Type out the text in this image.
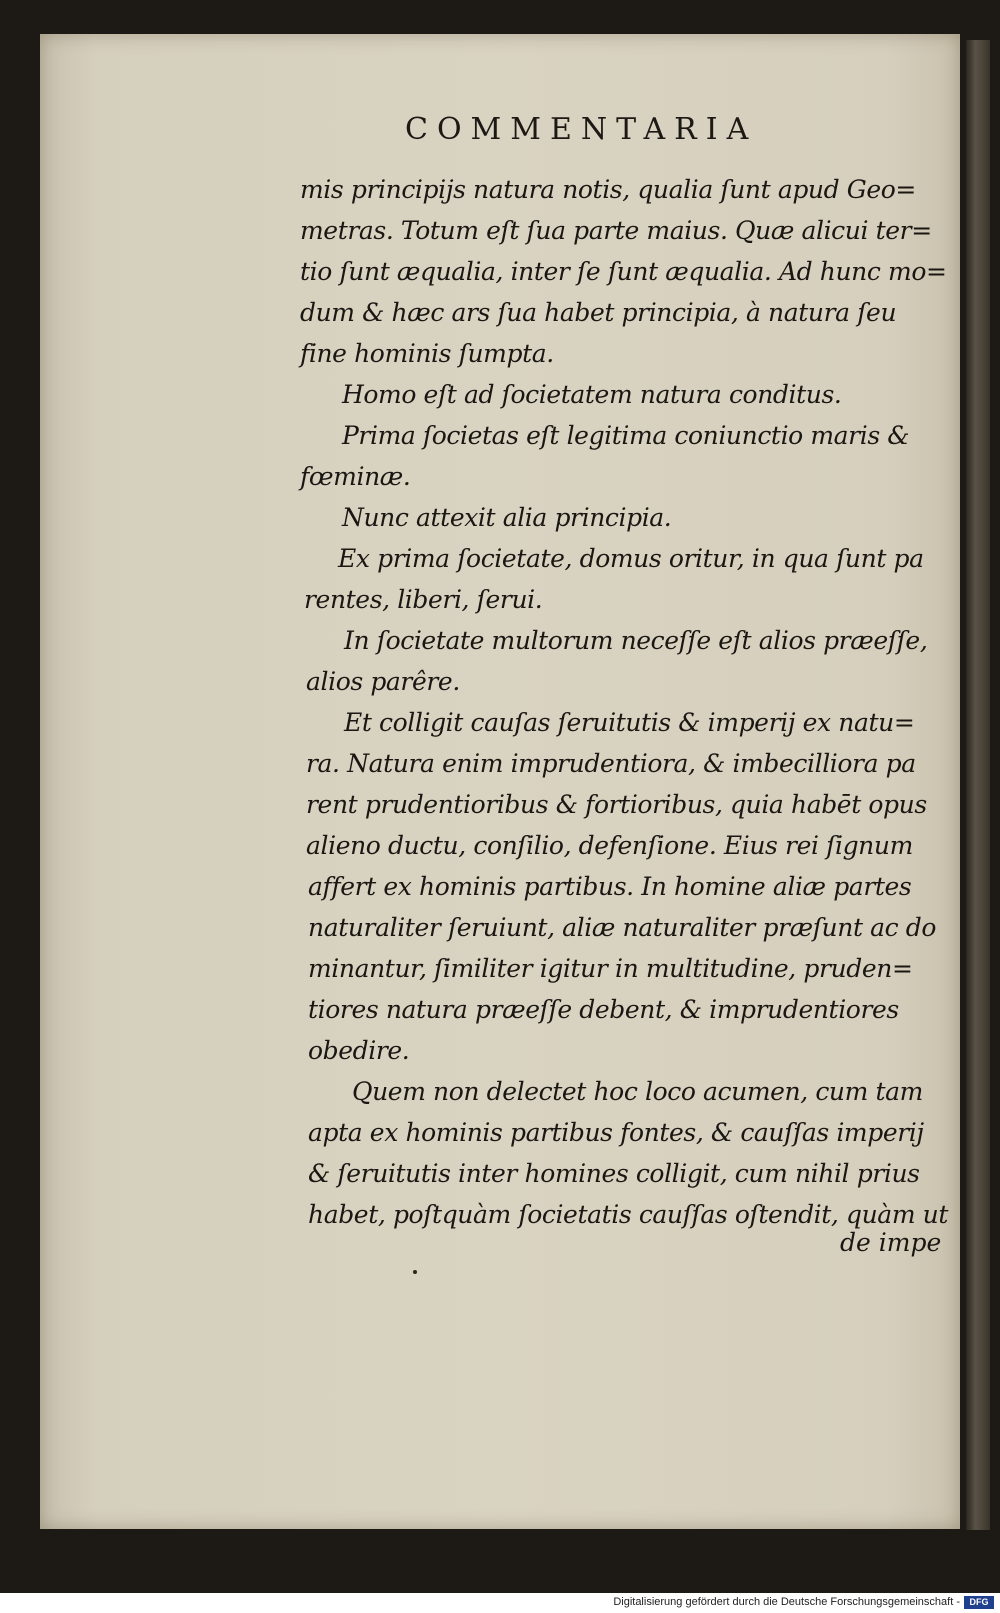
COMMENTARIA
mis principijs natura notis, qualia ſunt apud Geo=
metras. Totum eſt ſua parte maius. Quæ alicui ter=
tio ſunt æqualia, inter ſe ſunt æqualia. Ad hunc mo=
dum & hæc ars ſua habet principia, à natura ſeu
fine hominis ſumpta.
Homo eſt ad ſocietatem natura conditus.
Prima ſocietas eſt legitima coniunctio maris &
fœminæ.
Nunc attexit alia principia.
Ex prima ſocietate, domus oritur, in qua ſunt pa
rentes, liberi, ſerui.
In ſocietate multorum neceſſe eſt alios præeſſe,
alios parêre.
Et colligit cauſas ſeruitutis & imperij ex natu=
ra. Natura enim imprudentiora, & imbecilliora pa
rent prudentioribus & fortioribus, quia habēt opus
alieno ductu, conſilio, defenſione. Eius rei ſignum
affert ex hominis partibus. In homine aliæ partes
naturaliter ſeruiunt, aliæ naturaliter præſunt ac do
minantur, ſimiliter igitur in multitudine, pruden=
tiores natura præeſſe debent, & imprudentiores
obedire.
Quem non delectet hoc loco acumen, cum tam
apta ex hominis partibus fontes, & cauſſas imperij
& ſeruitutis inter homines colligit, cum nihil prius
habet, poſtquàm ſocietatis cauſſas oſtendit, quàm ut
de impe
Digitalisierung gefördert durch die Deutsche Forschungsgemeinschaft -	DFG
